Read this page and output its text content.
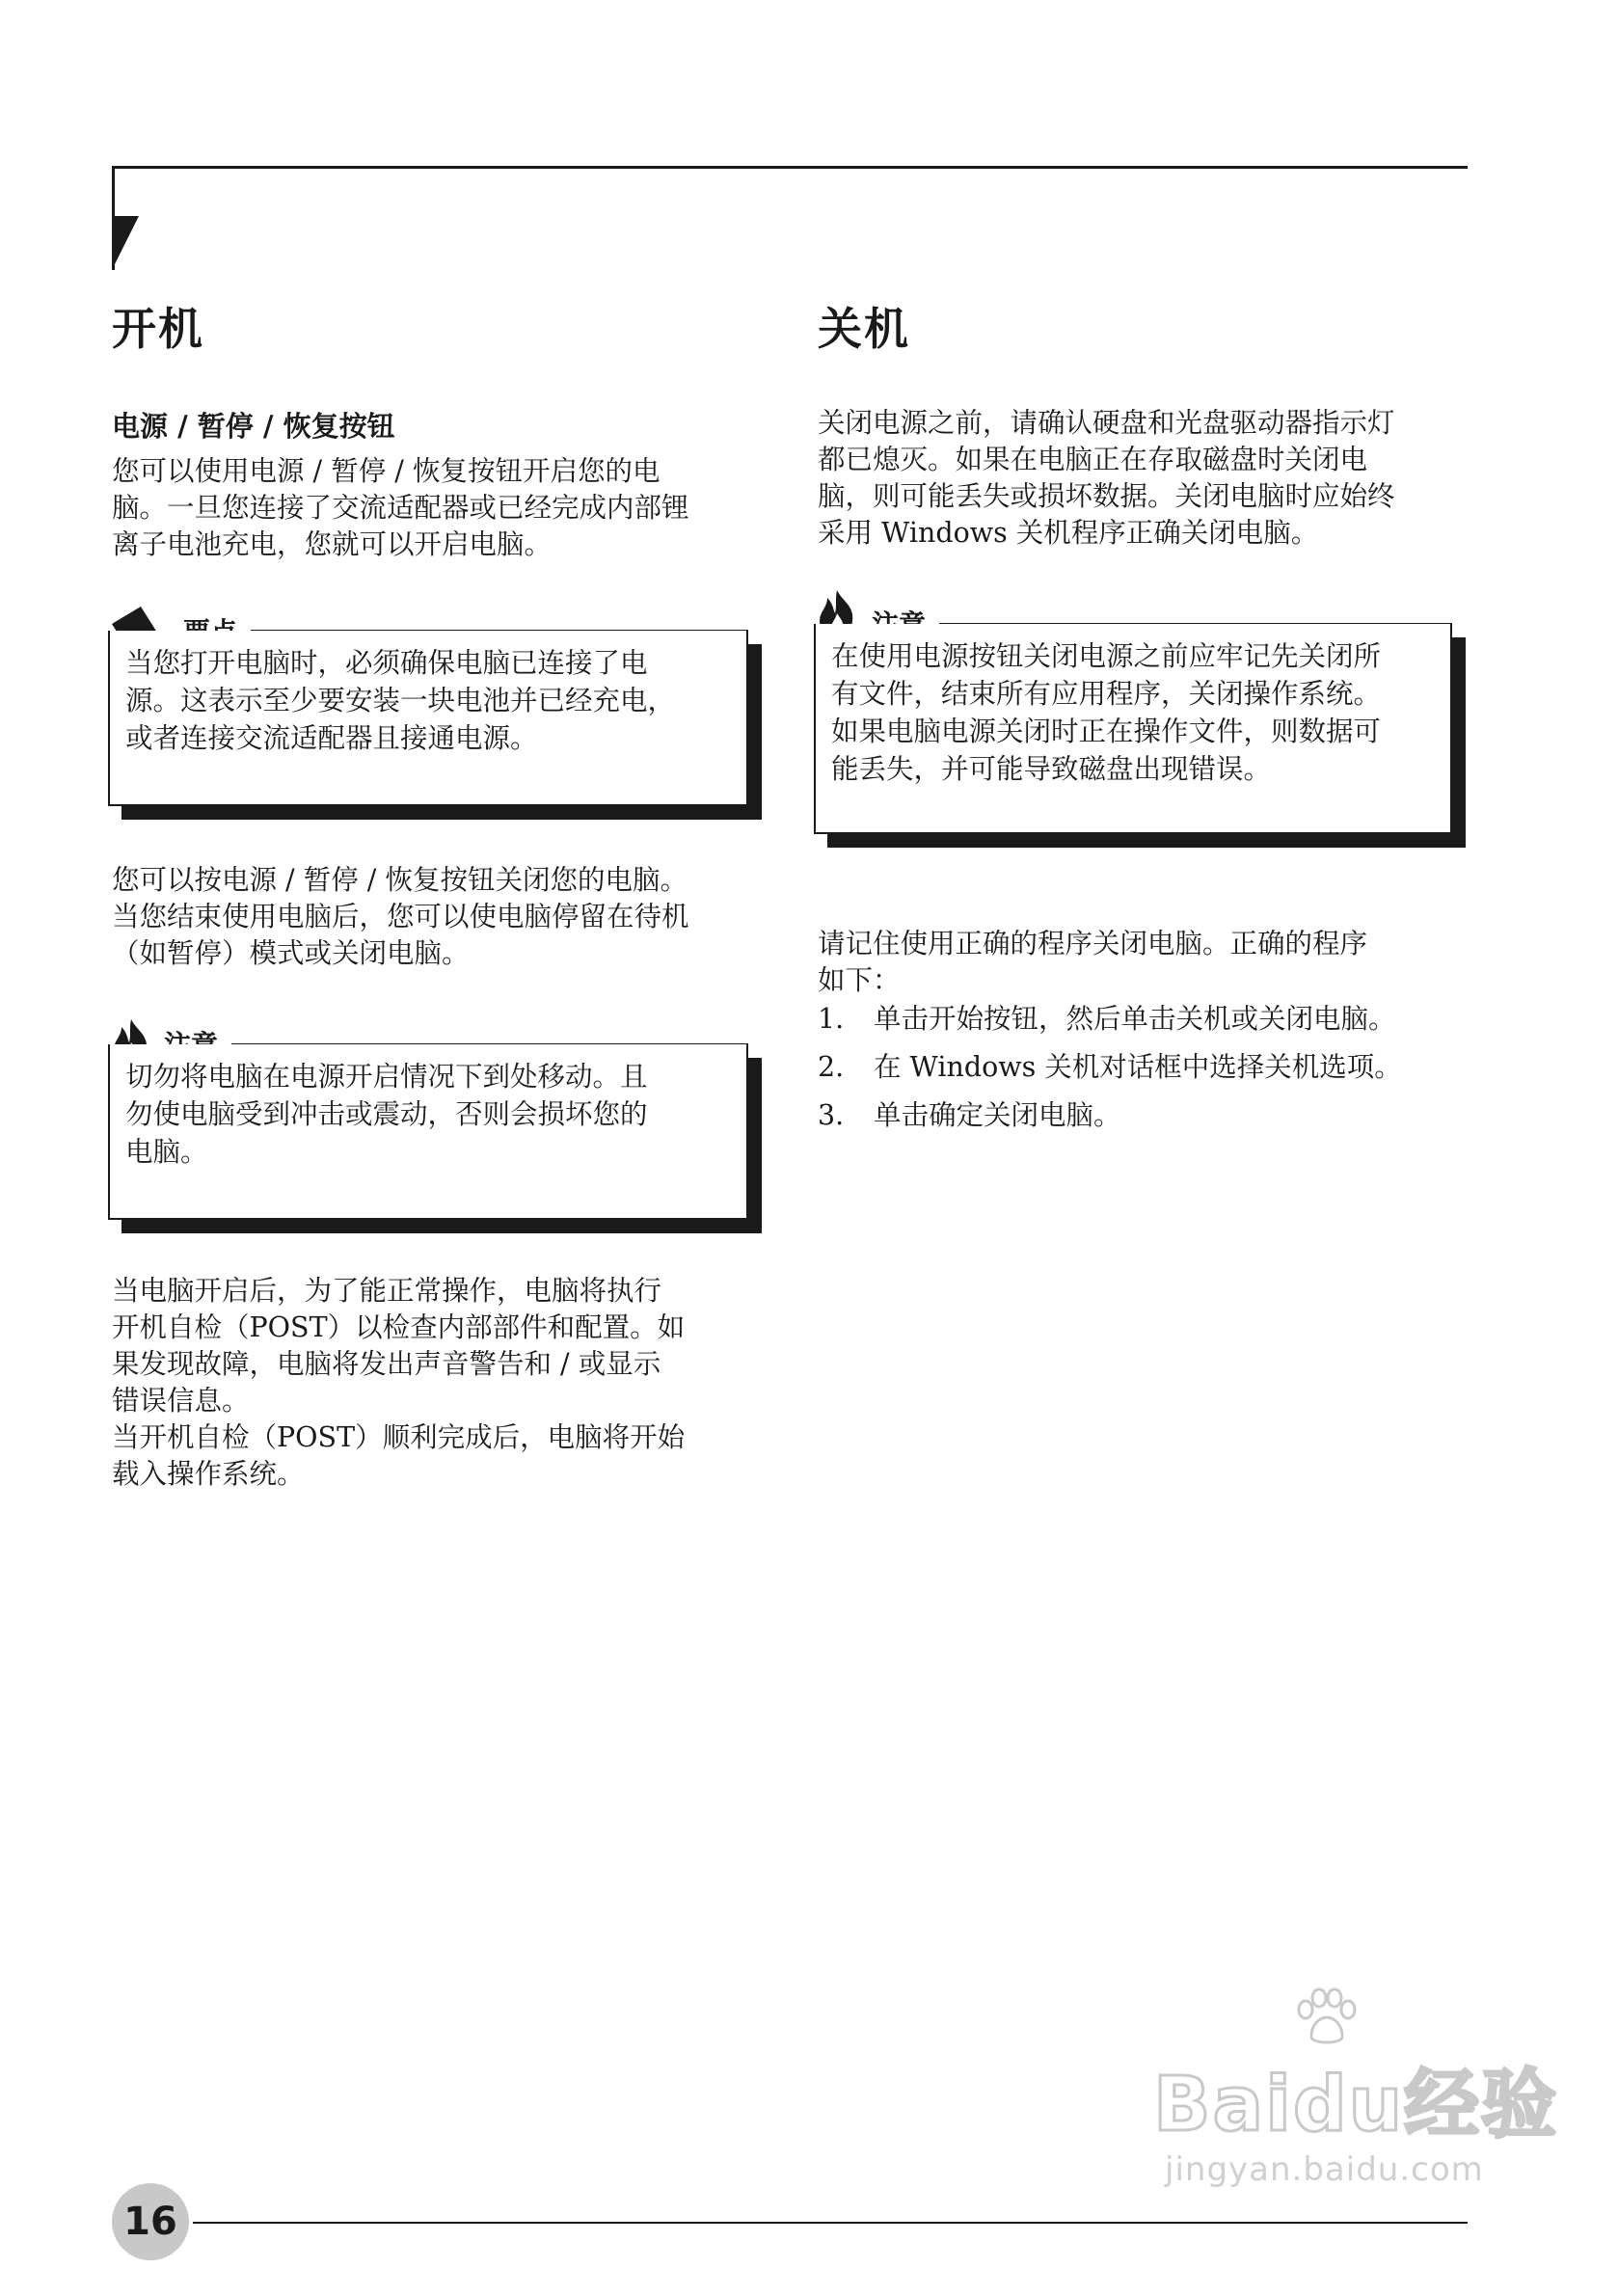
开机
电源 / 暂停 / 恢复按钮

您可以使用电源 / 暂停 / 恢复按钮开启您的电

脑。一旦您连接了交流适配器或已经完成内部锂

离子电池充电，您就可以开启电脑。

当您打开电脑时，必须确保电脑已连接了电

源。这表示至少要安装一块电池并已经充电，

或者连接交流适配器且接通电源。

您可以按电源 / 暂停 / 恢复按钮关闭您的电脑。

当您结束使用电脑后，您可以使电脑停留在待机

（如暂停）模式或关闭电脑。

切勿将电脑在电源开启情况下到处移动。且

勿使电脑受到冲击或震动，否则会损坏您的

电脑。

当电脑开启后，为了能正常操作，电脑将执行

开机自检（POST）以检查内部部件和配置。如

果发现故障，电脑将发出声音警告和 / 或显示

错误信息。

当开机自检（POST）顺利完成后，电脑将开始

载入操作系统。

关机

关闭电源之前，请确认硬盘和光盘驱动器指示灯

都已熄灭。如果在电脑正在存取磁盘时关闭电

脑，则可能丢失或损坏数据。关闭电脑时应始终

采用 Windows 关机程序正确关闭电脑。

在使用电源按钮关闭电源之前应牢记先关闭所

有文件，结束所有应用程序，关闭操作系统。

如果电脑电源关闭时正在操作文件，则数据可

能丢失，并可能导致磁盘出现错误。

请记住使用正确的程序关闭电脑。正确的程序

如下：

1. 单击开始按钮，然后单击关机或关闭电脑。
2. 在 Windows 关机对话框中选择关机选项。
3. 单击确定关闭电脑。
16
Baidu经验
jingyan.baidu.com
